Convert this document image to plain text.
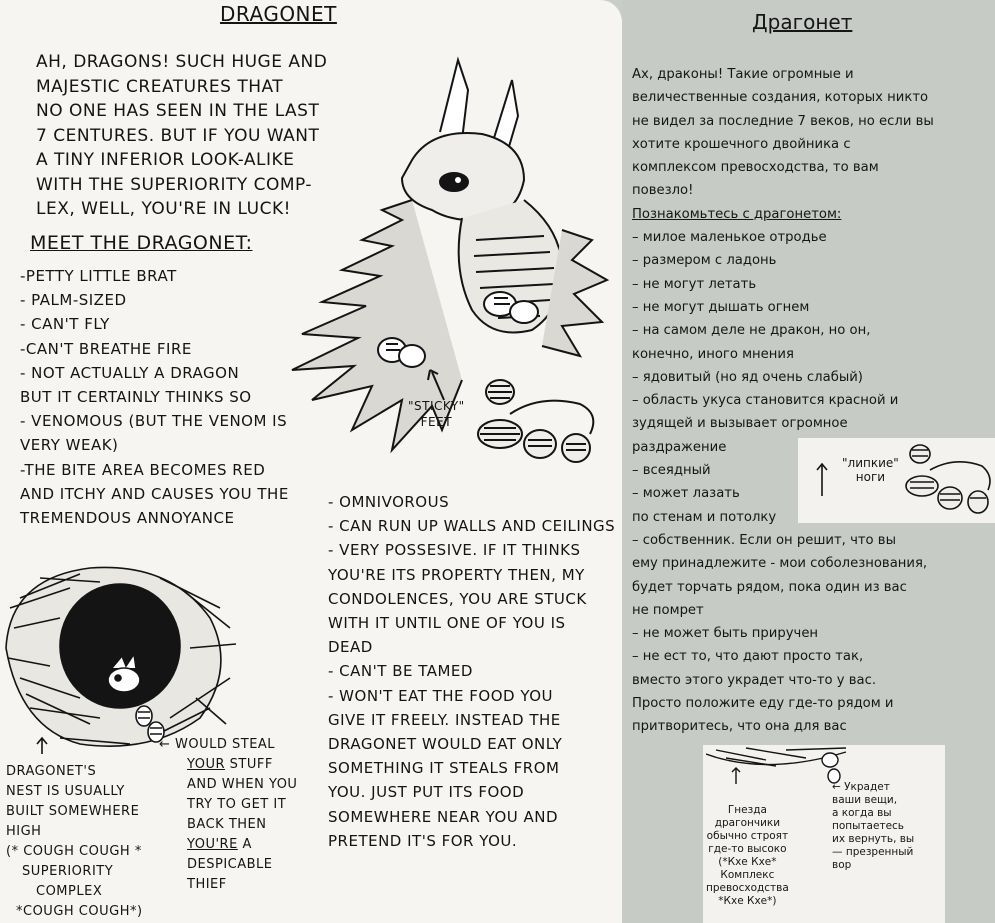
DRAGONET
AH, DRAGONS! SUCH HUGE AND
MAJESTIC CREATURES THAT
NO ONE HAS SEEN IN THE LAST
7 CENTURES. BUT IF YOU WANT
A TINY INFERIOR LOOK-ALIKE
WITH THE SUPERIORITY COMP-
LEX, WELL, YOU'RE IN LUCK!
MEET THE DRAGONET:
-PETTY LITTLE BRAT
- PALM-SIZED
- CAN'T FLY
-CAN'T BREATHE FIRE
- NOT ACTUALLY A DRAGON
BUT IT CERTAINLY THINKS SO
- VENOMOUS (BUT THE VENOM IS
VERY WEAK)
-THE BITE AREA BECOMES RED
AND ITCHY AND CAUSES YOU THE
TREMENDOUS ANNOYANCE
"STICKY"
FEET
- OMNIVOROUS
- CAN RUN UP WALLS AND CEILINGS
- VERY POSSESIVE. IF IT THINKS
YOU'RE ITS PROPERTY THEN, MY
CONDOLENCES, YOU ARE STUCK
WITH IT UNTIL ONE OF YOU IS
DEAD
- CAN'T BE TAMED
- WON'T EAT THE FOOD YOU
GIVE IT FREELY. INSTEAD THE
DRAGONET WOULD EAT ONLY
SOMETHING IT STEALS FROM
YOU. JUST PUT ITS FOOD
SOMEWHERE NEAR YOU AND
PRETEND IT'S FOR YOU.
DRAGONET'S
NEST IS USUALLY
BUILT SOMEWHERE
HIGH
(* COUGH COUGH *
SUPERIORITY
COMPLEX
*COUGH COUGH*)
← WOULD STEAL
YOUR STUFF
AND WHEN YOU
TRY TO GET IT
BACK THEN
YOU'RE A
DESPICABLE
THIEF
Драгонет
Ах, драконы! Такие огромные и
величественные создания, которых никто
не видел за последние 7 веков, но если вы
хотите крошечного двойника с
комплексом превосходства, то вам
повезло!
Познакомьтесь с драгонетом:
– милое маленькое отродье
– размером с ладонь
– не могут летать
– не могут дышать огнем
– на самом деле не дракон, но он,
конечно, иного мнения
– ядовитый (но яд очень слабый)
– область укуса становится красной и
зудящей и вызывает огромное
раздражение
– всеядный
– может лазать
по стенам и потолку
– собственник. Если он решит, что вы
ему принадлежите - мои соболезнования,
будет торчать рядом, пока один из вас
не помрет
– не может быть приручен
– не ест то, что дают просто так,
вместо этого украдет что-то у вас.
Просто положите еду где-то рядом и
притворитесь, что она для вас
"липкие"
ноги
Гнезда
драгончики
обычно строят
где-то высоко
(*Кхе Кхе*
Комплекс
превосходства
*Кхе Кхе*)
← Украдет
ваши вещи,
а когда вы
попытаетесь
их вернуть, вы
— презренный
вор
